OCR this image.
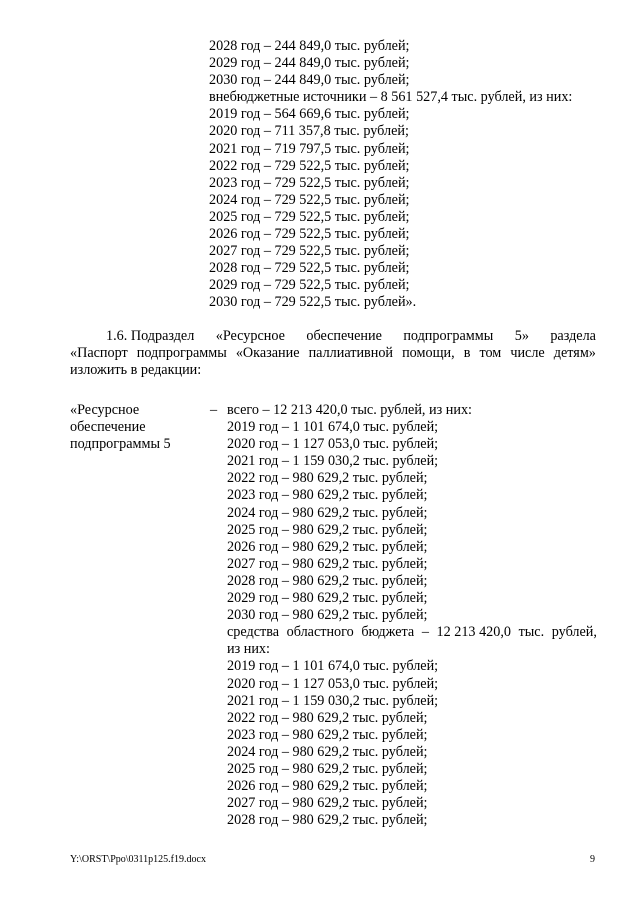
2028 год – 244 849,0 тыс. рублей;
2029 год – 244 849,0 тыс. рублей;
2030 год – 244 849,0 тыс. рублей;
внебюджетные источники – 8 561 527,4 тыс. рублей, из них:
2019 год – 564 669,6 тыс. рублей;
2020 год – 711 357,8 тыс. рублей;
2021 год – 719 797,5 тыс. рублей;
2022 год – 729 522,5 тыс. рублей;
2023 год – 729 522,5 тыс. рублей;
2024 год – 729 522,5 тыс. рублей;
2025 год – 729 522,5 тыс. рублей;
2026 год – 729 522,5 тыс. рублей;
2027 год – 729 522,5 тыс. рублей;
2028 год – 729 522,5 тыс. рублей;
2029 год – 729 522,5 тыс. рублей;
2030 год – 729 522,5 тыс. рублей».
1.6. Подраздел «Ресурсное обеспечение подпрограммы 5» раздела
«Паспорт подпрограммы «Оказание паллиативной помощи, в том числе детям»
изложить в редакции:
«Ресурсное
обеспечение
подпрограммы 5
– всего – 12 213 420,0 тыс. рублей, из них:
2019 год – 1 101 674,0 тыс. рублей;
2020 год – 1 127 053,0 тыс. рублей;
2021 год – 1 159 030,2 тыс. рублей;
2022 год – 980 629,2 тыс. рублей;
2023 год – 980 629,2 тыс. рублей;
2024 год – 980 629,2 тыс. рублей;
2025 год – 980 629,2 тыс. рублей;
2026 год – 980 629,2 тыс. рублей;
2027 год – 980 629,2 тыс. рублей;
2028 год – 980 629,2 тыс. рублей;
2029 год – 980 629,2 тыс. рублей;
2030 год – 980 629,2 тыс. рублей;
средства областного бюджета – 12 213 420,0 тыс. рублей,
из них:
2019 год – 1 101 674,0 тыс. рублей;
2020 год – 1 127 053,0 тыс. рублей;
2021 год – 1 159 030,2 тыс. рублей;
2022 год – 980 629,2 тыс. рублей;
2023 год – 980 629,2 тыс. рублей;
2024 год – 980 629,2 тыс. рублей;
2025 год – 980 629,2 тыс. рублей;
2026 год – 980 629,2 тыс. рублей;
2027 год – 980 629,2 тыс. рублей;
2028 год – 980 629,2 тыс. рублей;
Y:\ORST\Ppo\0311p125.f19.docx	9
